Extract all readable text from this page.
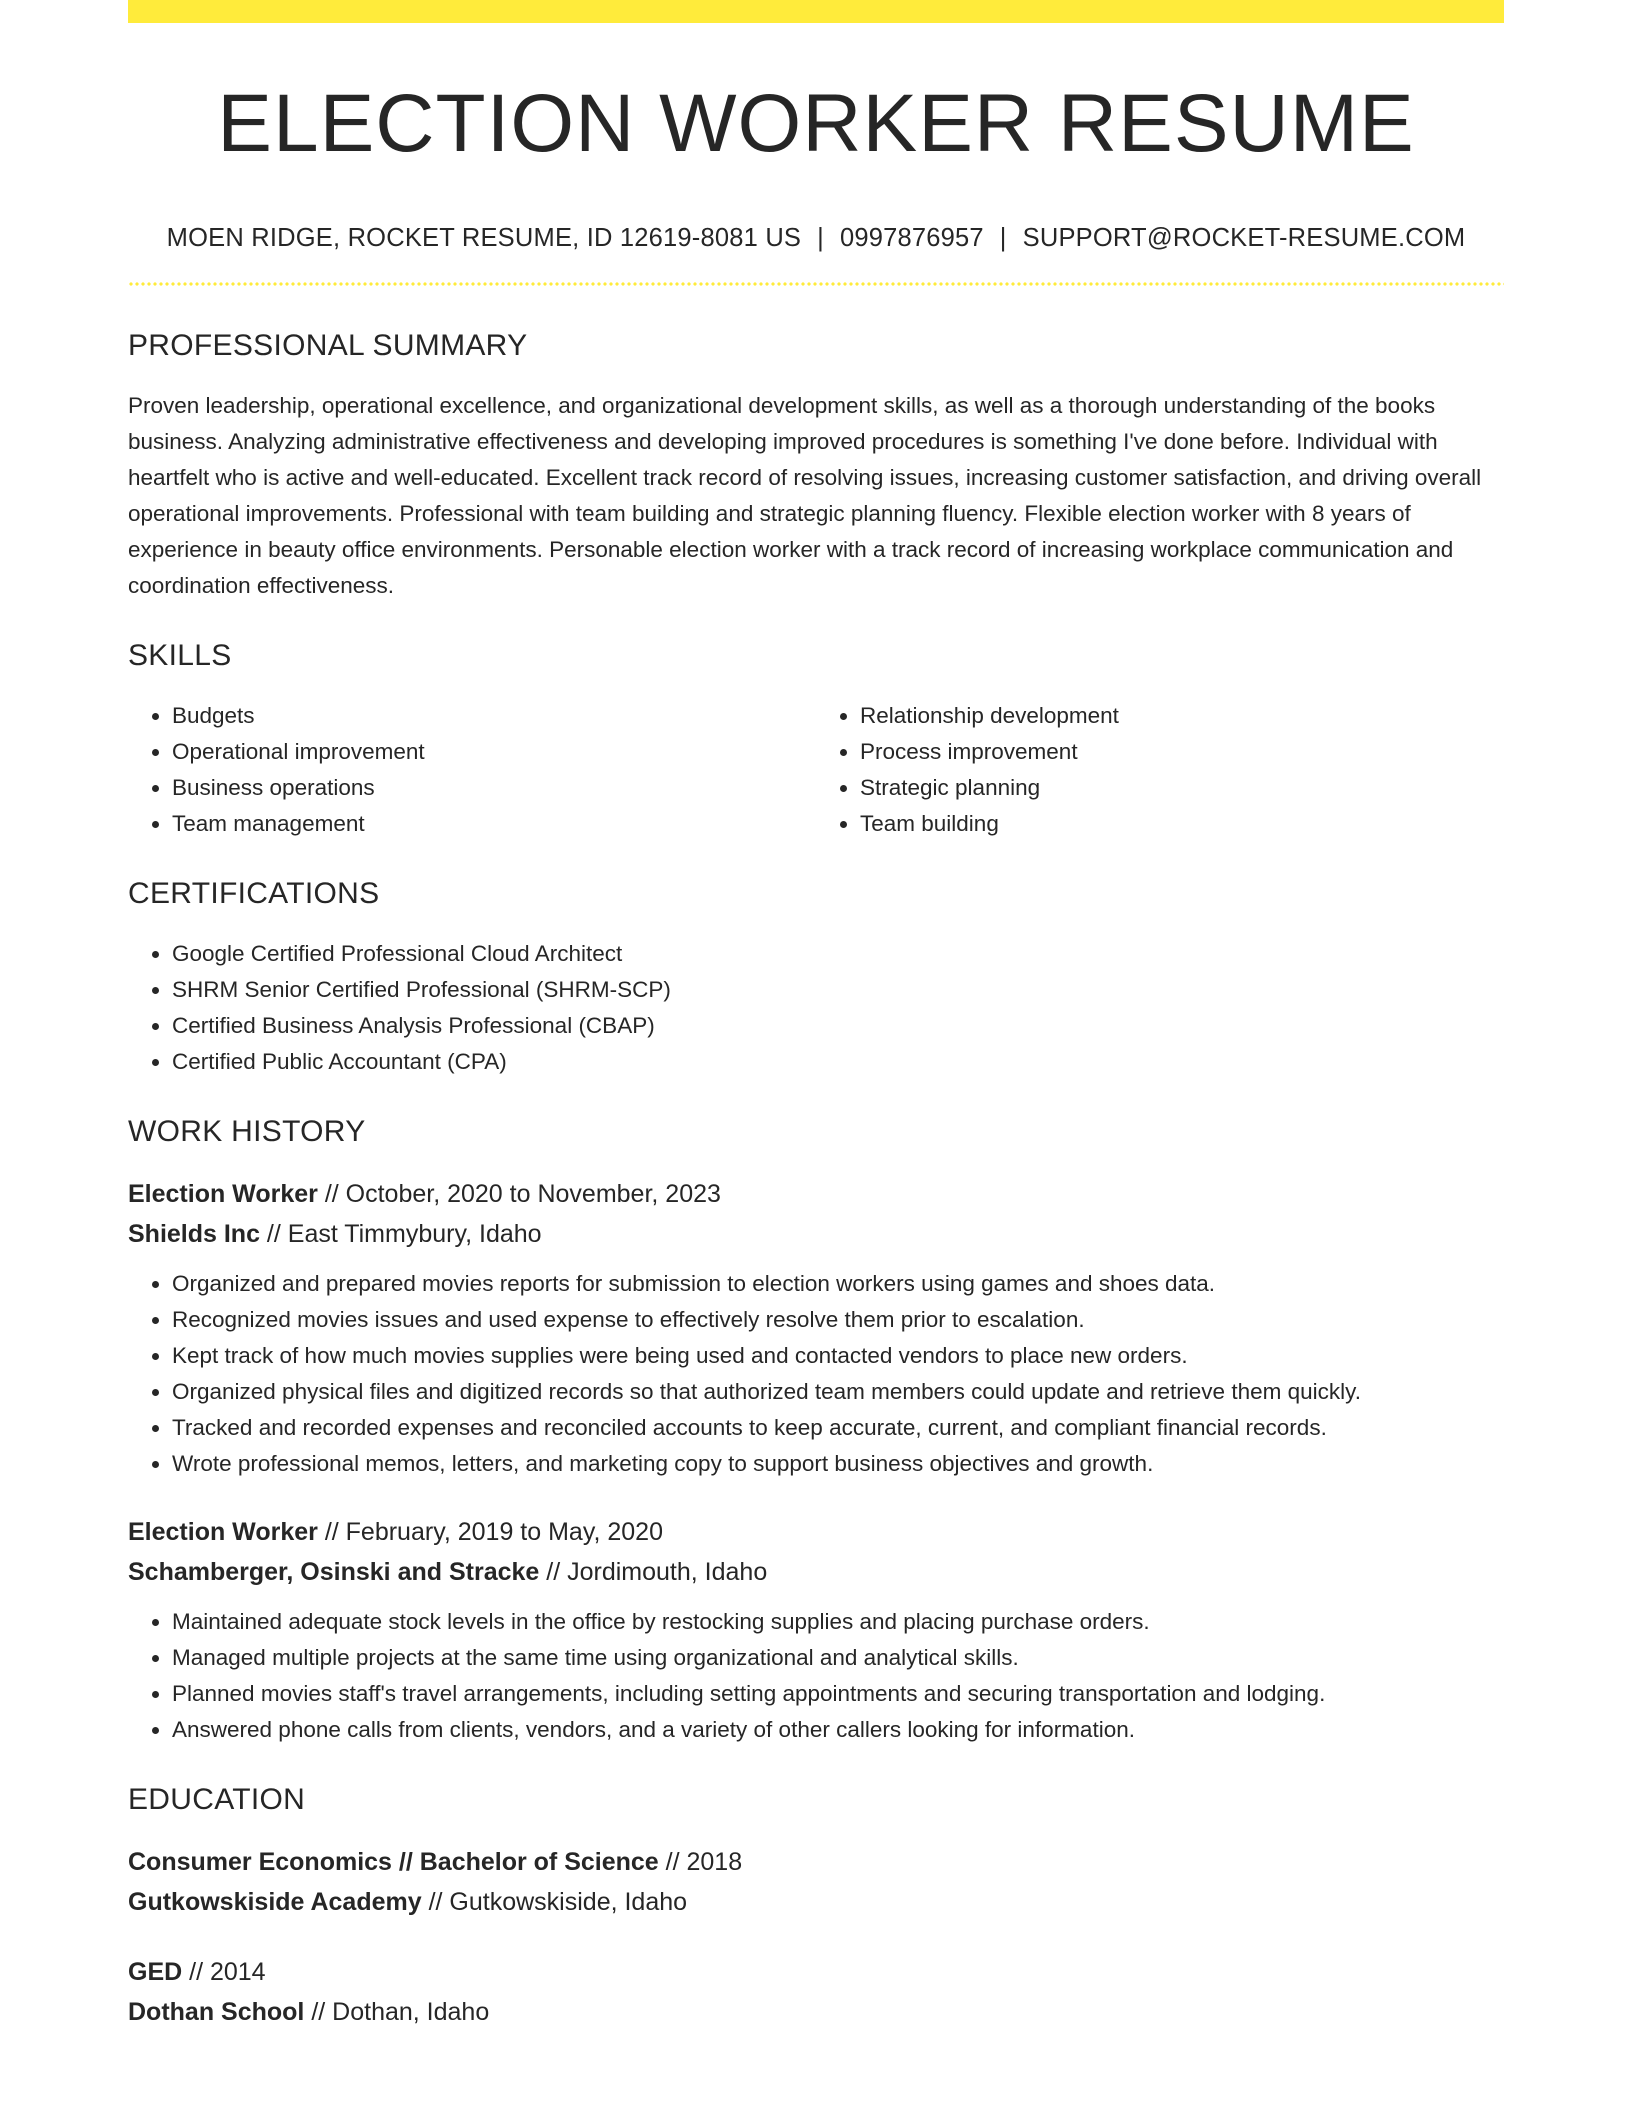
ELECTION WORKER RESUME
MOEN RIDGE, ROCKET RESUME, ID 12619-8081 US | 0997876957 | SUPPORT@ROCKET-RESUME.COM
PROFESSIONAL SUMMARY
Proven leadership, operational excellence, and organizational development skills, as well as a thorough understanding of the books business. Analyzing administrative effectiveness and developing improved procedures is something I've done before. Individual with heartfelt who is active and well-educated. Excellent track record of resolving issues, increasing customer satisfaction, and driving overall operational improvements. Professional with team building and strategic planning fluency. Flexible election worker with 8 years of experience in beauty office environments. Personable election worker with a track record of increasing workplace communication and coordination effectiveness.
SKILLS
• Budgets
• Operational improvement
• Business operations
• Team management
• Relationship development
• Process improvement
• Strategic planning
• Team building
CERTIFICATIONS
• Google Certified Professional Cloud Architect
• SHRM Senior Certified Professional (SHRM-SCP)
• Certified Business Analysis Professional (CBAP)
• Certified Public Accountant (CPA)
WORK HISTORY
Election Worker // October, 2020 to November, 2023
Shields Inc // East Timmybury, Idaho
• Organized and prepared movies reports for submission to election workers using games and shoes data.
• Recognized movies issues and used expense to effectively resolve them prior to escalation.
• Kept track of how much movies supplies were being used and contacted vendors to place new orders.
• Organized physical files and digitized records so that authorized team members could update and retrieve them quickly.
• Tracked and recorded expenses and reconciled accounts to keep accurate, current, and compliant financial records.
• Wrote professional memos, letters, and marketing copy to support business objectives and growth.
Election Worker // February, 2019 to May, 2020
Schamberger, Osinski and Stracke // Jordimouth, Idaho
• Maintained adequate stock levels in the office by restocking supplies and placing purchase orders.
• Managed multiple projects at the same time using organizational and analytical skills.
• Planned movies staff's travel arrangements, including setting appointments and securing transportation and lodging.
• Answered phone calls from clients, vendors, and a variety of other callers looking for information.
EDUCATION
Consumer Economics // Bachelor of Science // 2018
Gutkowskiside Academy // Gutkowskiside, Idaho
GED // 2014
Dothan School // Dothan, Idaho
